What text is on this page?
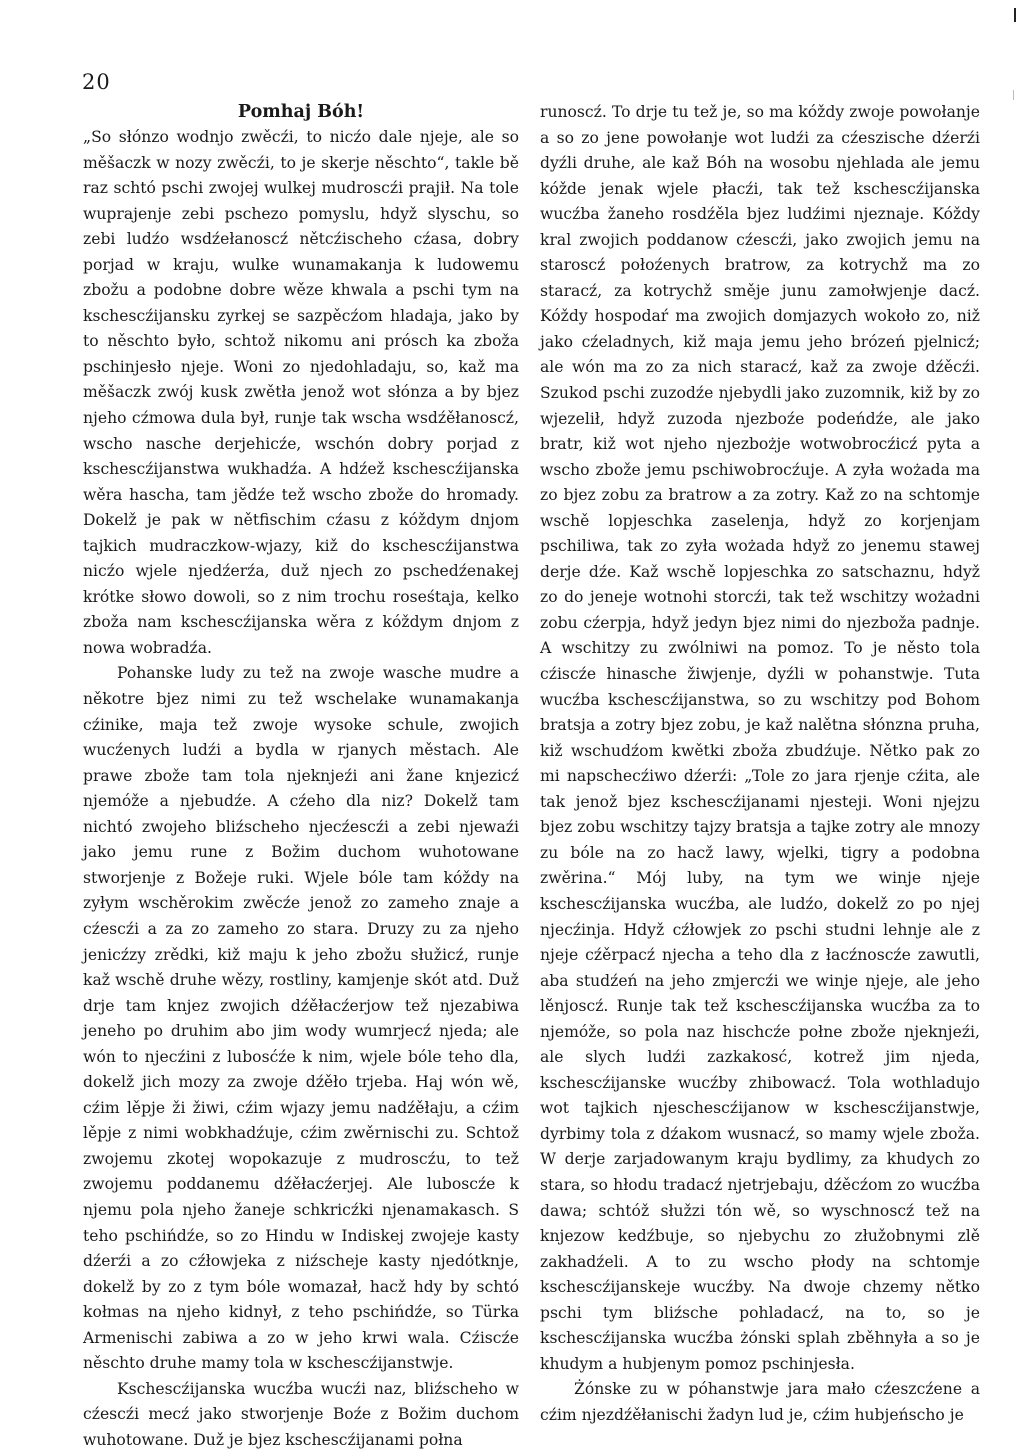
20
Pomhaj Bóh!

„So słónzo wodnjo zwěcźi, to nicźo dale njeje, ale so měšaczk w nozy zwěcźi, to je skerje něschto“, takle bě raz schtó pschi zwojej wulkej mudroscźi prajił. Na tole wuprajenje zebi pschezo pomyslu, hdyž slyschu, so zebi ludźo wsdźełanoscź nětcźischeho cźasa, dobry porjad w kraju, wulke wunamakanja k ludowemu zbožu a podobne dobre wěze khwala a pschi tym na kschescźijansku zyrkej se sazpěcźom hladaja, jako by to něschto było, schtož nikomu ani prósch ka zboža pschinjesło njeje. Woni zo njedohladaju, so, kaž ma měšaczk zwój kusk zwětła jenož wot słónza a by bjez njeho cźmowa dula był, runje tak wscha wsdźěłanoscź, wscho nasche derjehicźe, wschón dobry porjad z kschescźijanstwa wukhadźa. A hdźež kschescźijanska wěra hascha, tam jědźe tež wscho zbože do hromady. Dokelž je pak w nětfischim cźasu z kóždym dnjom tajkich mudraczkow-wjazy, kiž do kschescźijanstwa nicźo wjele njedźerźa, duž njech zo pschedźenakej krótke słowo dowoli, so z nim trochu roseśtaja, kelko zboža nam kschescźijanska wěra z kóždym dnjom z nowa wobradźa.

Pohanske ludy zu tež na zwoje wasche mudre a někotre bjez nimi zu tež wschelake wunamakanja cźinike, maja tež zwoje wysoke schule, zwojich wucźenych ludźi a bydla w rjanych městach. Ale prawe zbože tam tola njeknjeźi ani žane knjezicź njemóže a njebudźe. A cźeho dla niz? Dokelž tam nichtó zwojeho bliźscheho njecźescźi a zebi njewaźi jako jemu rune z Božim duchom wuhotowane stworjenje z Božeje ruki. Wjele bóle tam kóždy na zyłym wschěrokim zwěcźe jenož zo zameho znaje a cźescźi a za zo zameho zo stara. Druzy zu za njeho jenicźzy zrědki, kiž maju k jeho zbožu słužicź, runje kaž wschě druhe wězy, rostliny, kamjenje skót atd. Duž drje tam knjez zwojich dźěłacźerjow tež njezabiwa jeneho po druhim abo jim wody wumrjecź njeda; ale wón to njecźini z lubosćźe k nim, wjele bóle teho dla, dokelž jich mozy za zwoje dźěło trjeba. Haj wón wě, cźim lěpje ži žiwi, cźim wjazy jemu nadźěłaju, a cźim lěpje z nimi wobkhadźuje, cźim zwěrnischi zu. Schtož zwojemu zkotej wopokazuje z mudroscźu, to tež zwojemu poddanemu dźěłacźerjej. Ale luboscźe k njemu pola njeho žaneje schkricźki njenamakasch. S teho pschińdźe, so zo Hindu w Indiskej zwojeje kasty dźerźi a zo cźłowjeka z niźscheje kasty njedótknje, dokelž by zo z tym bóle womazał, hacž hdy by schtó kołmas na njeho kidnył, z teho pschińdźe, so Türka Armenischi zabiwa a zo w jeho krwi wala. Cźiscźe něschto druhe mamy tola w kschescźijanstwje.

Kschescźijanska wucźba wucźi naz, bliźscheho w cźescźi mecź jako stworjenje Boźe z Božim duchom wuhotowane. Duž je bjez kschescźijanami połna

runoscź. To drje tu tež je, so ma kóždy zwoje powołanje a so zo jene powołanje wot ludźi za cźeszische dźerźi dyźli druhe, ale kaž Bóh na wosobu njehlada ale jemu kóžde jenak wjele płacźi, tak tež kschescźijanska wucźba žaneho rosdźěla bjez ludźimi njeznaje. Kóždy kral zwojich poddanow cźescźi, jako zwojich jemu na staroscź połoźenych bratrow, za kotrychž ma zo staracź, za kotrychž směje junu zamołwjenje dacź. Kóždy hospodaŕ ma zwojich domjazych wokoło zo, niž jako cźeladnych, kiž maja jemu jeho brózeń pjelnicź; ale wón ma zo za nich staracź, kaž za zwoje dźěcźi. Szukod pschi zuzodźe njebydli jako zuzomnik, kiž by zo wjezelił, hdyž zuzoda njezboźe podeńdźe, ale jako bratr, kiž wot njeho njezbożje wotwobrocźicź pyta a wscho zbože jemu pschiwobrocźuje. A zyła wożada ma zo bjez zobu za bratrow a za zotry. Kaž zo na schtomje wschě lopjeschka zaselenja, hdyž zo korjenjam pschiliwa, tak zo zyła wożada hdyž zo jenemu stawej derje dźe. Kaž wschě lopjeschka zo satschaznu, hdyž zo do jeneje wotnohi storcźi, tak tež wschitzy wożadni zobu cźerpja, hdyž jedyn bjez nimi do njezboža padnje. A wschitzy zu zwólniwi na pomoz. To je něsto tola cźiscźe hinasche žiwjenje, dyźli w pohanstwje. Tuta wucźba kschescźijanstwa, so zu wschitzy pod Bohom bratsja a zotry bjez zobu, je kaž nalětna słónzna pruha, kiž wschudźom kwětki zboža zbudźuje. Nětko pak zo mi napschecźiwo dźerźi: „Tole zo jara rjenje cźita, ale tak jenož bjez kschescźijanami njesteji. Woni njejzu bjez zobu wschitzy tajzy bratsja a tajke zotry ale mnozy zu bóle na zo hacž lawy, wjelki, tigry a podobna zwěrina.“ Mój luby, na tym we winje njeje kschescźijanska wucźba, ale ludźo, dokelž zo po njej njecźinja. Hdyž cźłowjek zo pschi studni lehnje ale z njeje cźěrpacź njecha a teho dla z łacźnoscźe zawutli, aba studźeń na jeho zmjercźi we winje njeje, ale jeho lěnjoscź. Runje tak tež kschescźijanska wucźba za to njemóže, so pola naz hischcźe połne zbože njeknjeźi, ale slych ludźi zazkakosć, kotrež jim njeda, kschescźijanske wucźby zhibowacź. Tola wothladujo wot tajkich njeschescźijanow w kschescźijanstwje, dyrbimy tola z dźakom wusnacź, so mamy wjele zboža. W derje zarjadowanym kraju bydlimy, za khudych zo stara, so hłodu tradacź njetrjebaju, dźěcźom zo wucźba dawa; schtóž słužzi tón wě, so wyschnoscź tež na knjezow kedźbuje, so njebychu zo złužobnymi zlě zakhadźeli. A to zu wscho płody na schtomje kschescźijanskeje wucźby. Na dwoje chzemy nětko pschi tym bliźsche pohladacź, na to, so je kschescźijanska wucźba żónski splah zběhnyła a so je khudym a hubjenym pomoz pschinjesła.

Żónske zu w póhanstwje jara mało cźeszcźene a cźim njezdźěłanischi žadyn lud je, cźim hubjeńscho je
